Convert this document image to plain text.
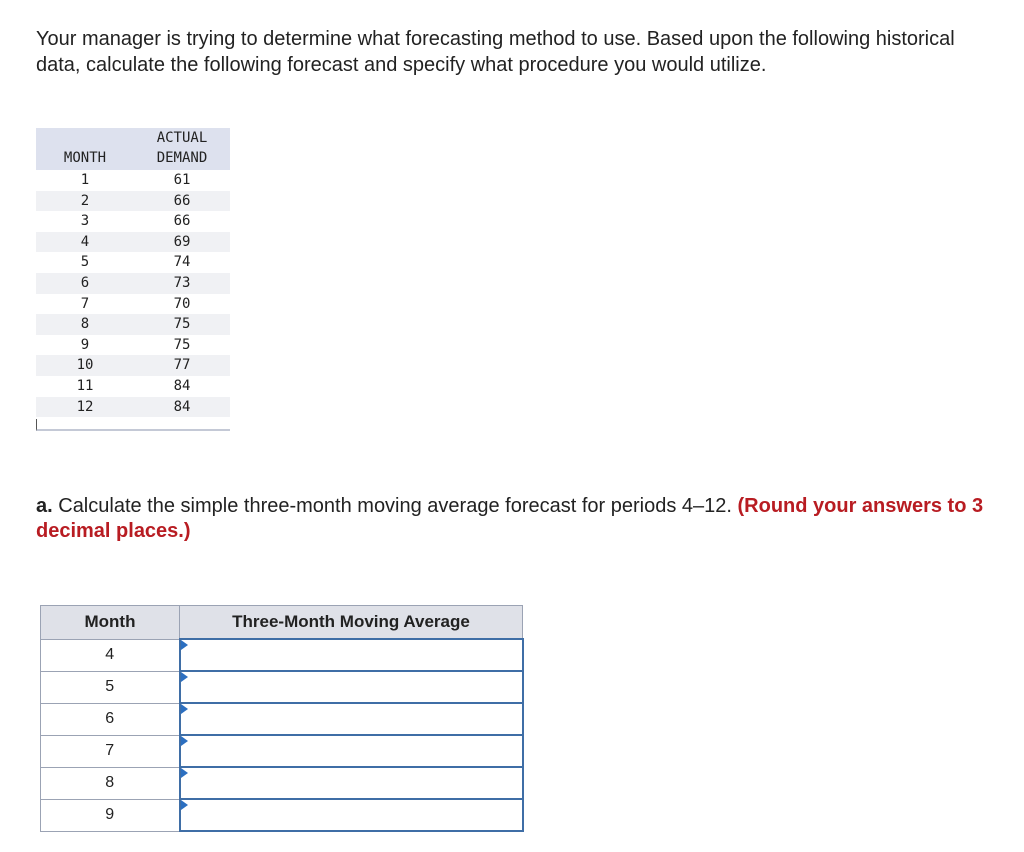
Your manager is trying to determine what forecasting method to use. Based upon the following historical data, calculate the following forecast and specify what procedure you would utilize.

MONTH
ACTUAL
DEMAND
1	61
2	66
3	66
4	69
5	74
6	73
7	70
8	75
9	75
10	77
11	84
12	84

a. Calculate the simple three-month moving average forecast for periods 4–12. (Round your answers to 3 decimal places.)

Month	Three-Month Moving Average
4	

5	

6	

7	

8	

9	
